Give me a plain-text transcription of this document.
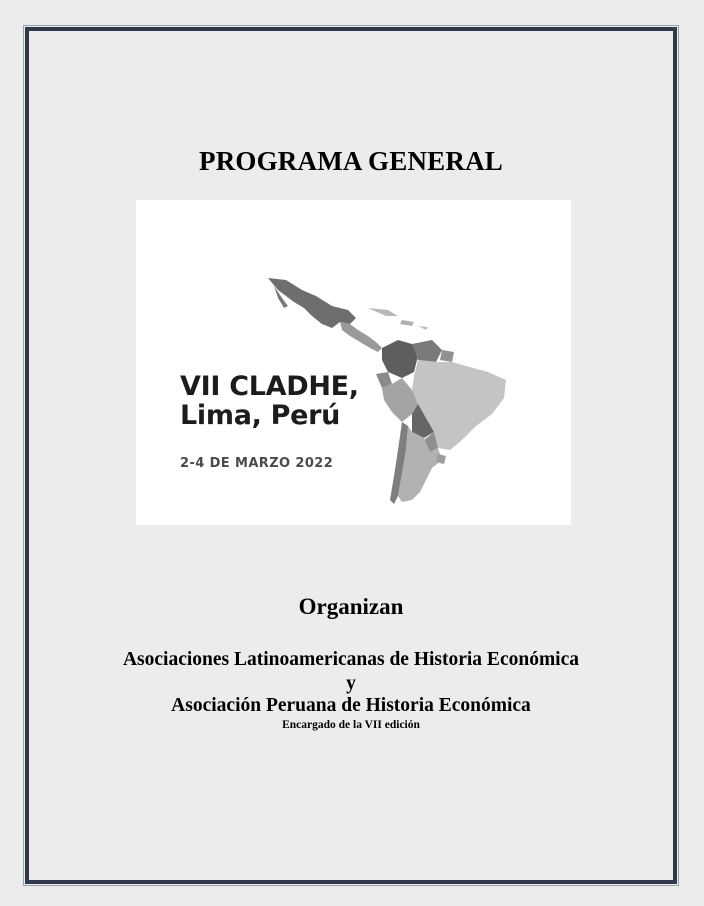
PROGRAMA GENERAL
VII CLADHE,
Lima, Perú
2-4 DE MARZO 2022
Organizan
Asociaciones Latinoamericanas de Historia Económica
y
Asociación Peruana de Historia Económica
Encargado de la VII edición
